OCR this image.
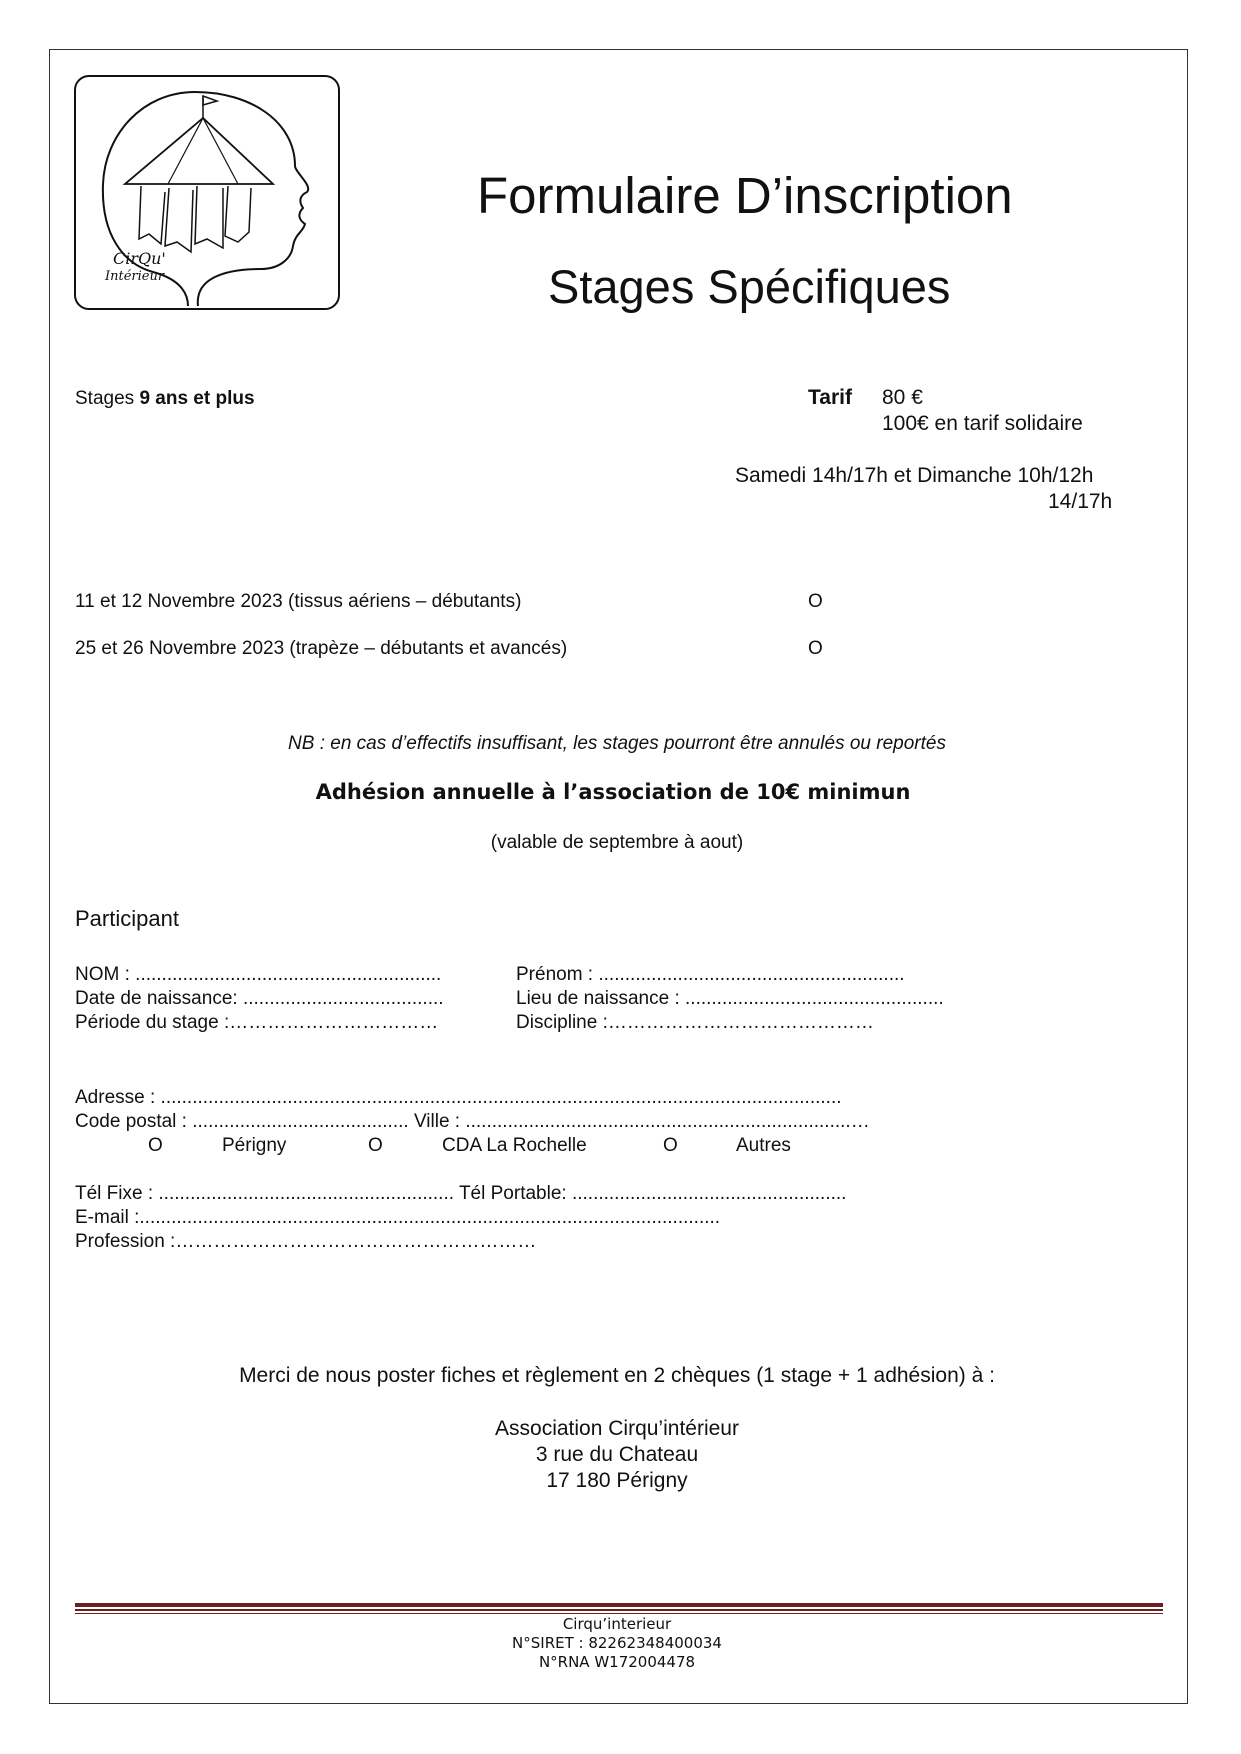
CirQu'
Intérieur
Formulaire D’inscription
Stages Spécifiques
Stages 9 ans et plus	Tarif 80 €
100€ en tarif solidaire
Samedi 14h/17h et Dimanche 10h/12h
14/17h
11 et 12 Novembre 2023 (tissus aériens – débutants)	O
25 et 26 Novembre 2023 (trapèze – débutants et avancés)	O
NB : en cas d’effectifs insuffisant, les stages pourront être annulés ou reportés
Adhésion annuelle à l’association de 10€ minimun
(valable de septembre à aout)
Participant
NOM : ..........................................................	Prénom : ..........................................................
Date de naissance: ......................................	Lieu de naissance : .................................................
Période du stage :……………………………	Discipline :……………………………………
Adresse : .................................................................................................................................
Code postal : ......................................... Ville : .........................................................................…
O	Périgny	O	CDA La Rochelle	O	Autres
Tél Fixe : ........................................................ Tél Portable: ....................................................
E-mail :..............................................................................................................
Profession :…………………………………………………
Merci de nous poster fiches et règlement en 2 chèques (1 stage + 1 adhésion) à :
Association Cirqu’intérieur
3 rue du Chateau
17 180 Périgny
Cirqu’interieur
N°SIRET : 82262348400034
N°RNA W172004478
